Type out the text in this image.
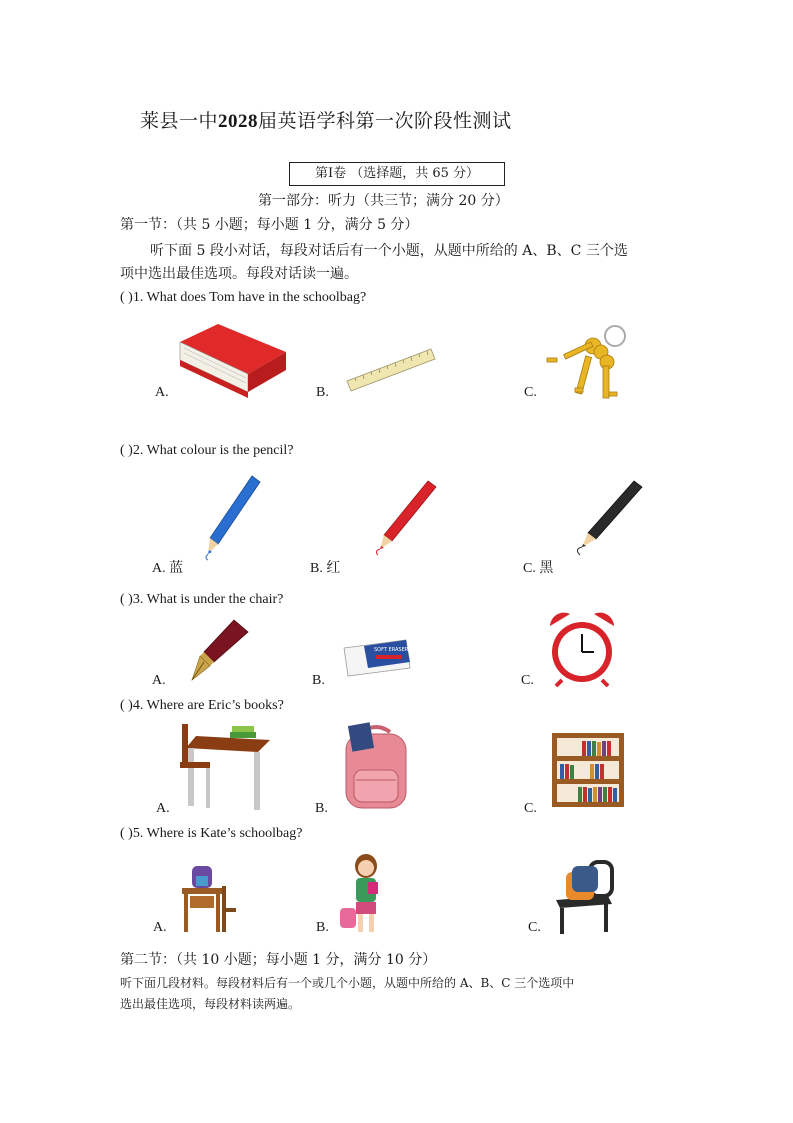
莱县一中2028届英语学科第一次阶段性测试
第Ⅰ卷 （选择题，共 65 分）
第一部分：听力（共三节；满分 20 分）
第一节：（共 5 小题；每小题 1 分，满分 5 分）
听下面 5 段小对话，每段对话后有一个小题，从题中所给的 A、B、C 三个选
项中选出最佳选项。每段对话读一遍。
( )1. What does Tom have in the schoolbag?
A.	B.	C.
( )2. What colour is the pencil?
A. 蓝	B. 红	C. 黑
( )3. What is under the chair?
A.	B.	C.
SOFT ERASER
( )4. Where are Eric’s books?
A.	B.	C.
( )5. Where is Kate’s schoolbag?
A.	B.	C.
第二节：（共 10 小题；每小题 1 分，满分 10 分）
听下面几段材料。每段材料后有一个或几个小题，从题中所给的 A、B、C 三个选项中
选出最佳选项，每段材料读两遍。
